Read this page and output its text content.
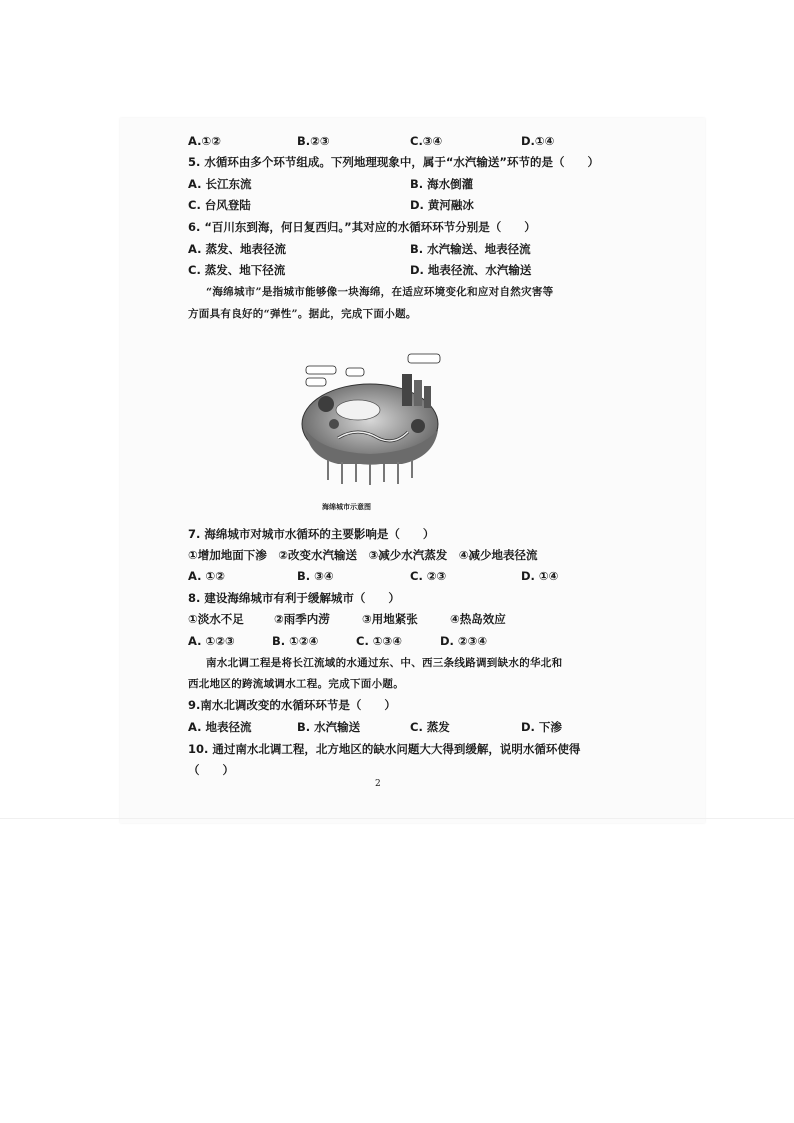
A.①②	B.②③	C.③④	D.①④
5. 水循环由多个环节组成。下列地理现象中，属于“水汽输送”环节的是（　　）
A. 长江东流	B. 海水倒灌
C. 台风登陆	D. 黄河融冰
6. “百川东到海，何日复西归。”其对应的水循环环节分别是（　　）
A. 蒸发、地表径流	B. 水汽输送、地表径流
C. 蒸发、地下径流	D. 地表径流、水汽输送
“海绵城市”是指城市能够像一块海绵，在适应环境变化和应对自然灾害等
方面具有良好的“弹性”。据此，完成下面小题。
海绵城市示意图
7. 海绵城市对城市水循环的主要影响是（　　）
①增加地面下渗　②改变水汽输送　③减少水汽蒸发　④减少地表径流
A. ①②	B. ③④	C. ②③	D. ①④
8. 建设海绵城市有利于缓解城市（　　）
①淡水不足	②雨季内涝	③用地紧张	④热岛效应
A. ①②③	B. ①②④	C. ①③④	D. ②③④
南水北调工程是将长江流域的水通过东、中、西三条线路调到缺水的华北和
西北地区的跨流域调水工程。完成下面小题。
9.南水北调改变的水循环环节是（　　）
A. 地表径流	B. 水汽输送	C. 蒸发	D. 下渗
10. 通过南水北调工程，北方地区的缺水问题大大得到缓解，说明水循环使得
（　　）
2
